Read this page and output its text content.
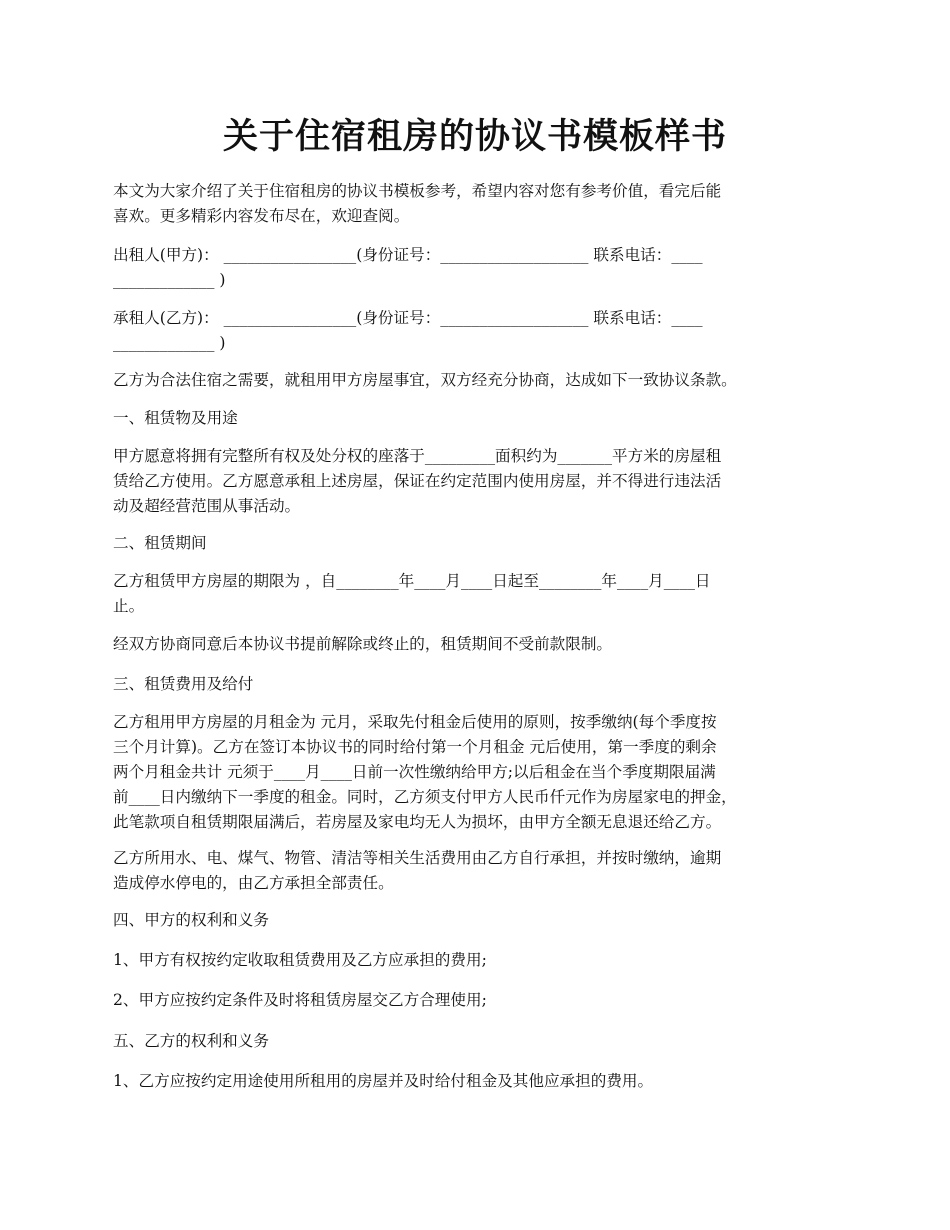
关于住宿租房的协议书模板样书
本文为大家介绍了关于住宿租房的协议书模板参考，希望内容对您有参考价值，看完后能
喜欢。更多精彩内容发布尽在，欢迎查阅。
出租人(甲方)： _________________(身份证号：___________________ 联系电话：____
_____________ )
承租人(乙方)： _________________(身份证号：___________________ 联系电话：____
_____________ )
乙方为合法住宿之需要，就租用甲方房屋事宜，双方经充分协商，达成如下一致协议条款。
一、租赁物及用途
甲方愿意将拥有完整所有权及处分权的座落于_________面积约为_______平方米的房屋租
赁给乙方使用。乙方愿意承租上述房屋，保证在约定范围内使用房屋，并不得进行违法活
动及超经营范围从事活动。
二、租赁期间
乙方租赁甲方房屋的期限为 ，自________年____月____日起至________年____月____日
止。
经双方协商同意后本协议书提前解除或终止的，租赁期间不受前款限制。
三、租赁费用及给付
乙方租用甲方房屋的月租金为 元月，采取先付租金后使用的原则，按季缴纳(每个季度按
三个月计算)。乙方在签订本协议书的同时给付第一个月租金 元后使用，第一季度的剩余
两个月租金共计 元须于____月____日前一次性缴纳给甲方;以后租金在当个季度期限届满
前____日内缴纳下一季度的租金。同时，乙方须支付甲方人民币仟元作为房屋家电的押金，
此笔款项自租赁期限届满后，若房屋及家电均无人为损坏，由甲方全额无息退还给乙方。
乙方所用水、电、煤气、物管、清洁等相关生活费用由乙方自行承担，并按时缴纳，逾期
造成停水停电的，由乙方承担全部责任。
四、甲方的权利和义务
1、甲方有权按约定收取租赁费用及乙方应承担的费用;
2、甲方应按约定条件及时将租赁房屋交乙方合理使用;
五、乙方的权利和义务
1、乙方应按约定用途使用所租用的房屋并及时给付租金及其他应承担的费用。
